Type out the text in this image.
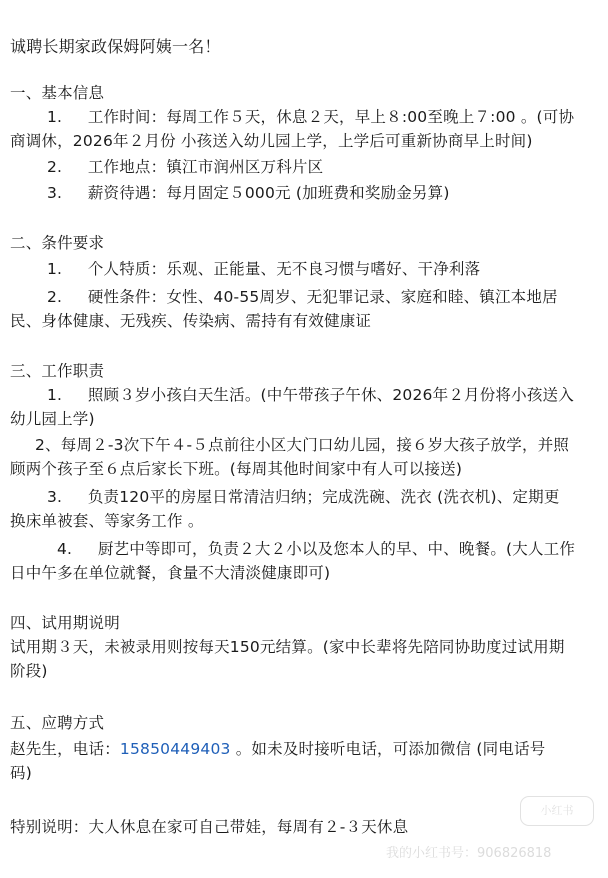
诚聘长期家政保姆阿姨一名！
一、基本信息
1.     工作时间：每周工作５天，休息２天，早上８:00至晚上７:00 。(可协
商调休，2026年２月份 小孩送入幼儿园上学，上学后可重新协商早上时间)
2.     工作地点：镇江市润州区万科片区
3.     薪资待遇：每月固定５000元 (加班费和奖励金另算)
二、条件要求
1.     个人特质：乐观、正能量、无不良习惯与嗜好、干净利落
2.     硬性条件：女性、40-55周岁、无犯罪记录、家庭和睦、镇江本地居
民、身体健康、无残疾、传染病、需持有有效健康证
三、工作职责
1.     照顾３岁小孩白天生活。(中午带孩子午休、2026年２月份将小孩送入
幼儿园上学)
2、每周２-3次下午４-５点前往小区大门口幼儿园，接６岁大孩子放学，并照
顾两个孩子至６点后家长下班。(每周其他时间家中有人可以接送)
3.     负责120平的房屋日常清洁归纳；完成洗碗、洗衣 (洗衣机)、定期更
换床单被套、等家务工作 。
4.     厨艺中等即可，负责２大２小以及您本人的早、中、晚餐。(大人工作
日中午多在单位就餐，食量不大清淡健康即可)
四、试用期说明
试用期３天，未被录用则按每天150元结算。(家中长辈将先陪同协助度过试用期
阶段)
五、应聘方式
赵先生，电话：15850449403 。如未及时接听电话，可添加微信 (同电话号
码)
特别说明：大人休息在家可自己带娃，每周有２-３天休息
小红书
我的小红书号：906826818
